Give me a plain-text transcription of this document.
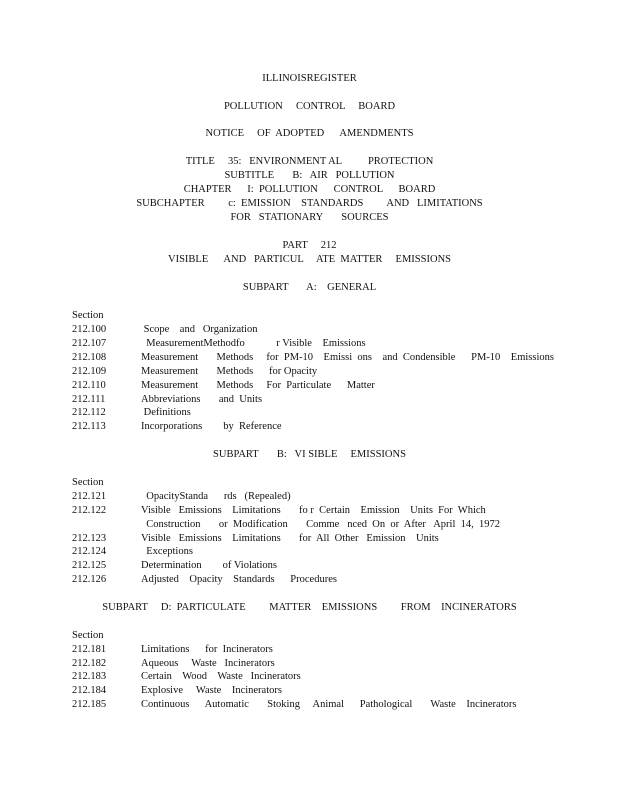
ILLINOISREGISTER
POLLUTION     CONTROL     BOARD
NOTICE     OF  ADOPTED      AMENDMENTS
TITLE     35:   ENVIRONMENT AL          PROTECTION
SUBTITLE       B:   AIR   POLLUTION
CHAPTER      I:  POLLUTION      CONTROL      BOARD
SUBCHAPTER         c:  EMISSION    STANDARDS         AND   LIMITATIONS
FOR   STATIONARY       SOURCES
PART     212
VISIBLE      AND   PARTICUL     ATE  MATTER     EMISSIONS
SUBPART       A:    GENERAL
Section
212.100	Scope    and   Organization
212.107	MeasurementMethodfo            r Visible    Emissions
212.108	Measurement       Methods     for  PM-10    Emissi  ons    and  Condensible      PM-10    Emissions
212.109	Measurement       Methods      for Opacity
212.110	Measurement       Methods     For  Particulate      Matter
212.111	Abbreviations       and  Units
212.112	Definitions
212.113	Incorporations        by  Reference
SUBPART       B:   VI SIBLE     EMISSIONS
Section
212.121	OpacityStanda      rds   (Repealed)
212.122	Visible   Emissions    Limitations       fo r  Certain    Emission    Units  For  Which
Construction       or  Modification       Comme   nced  On  or  After   April  14,  1972
212.123	Visible   Emissions    Limitations       for  All  Other   Emission    Units
212.124	Exceptions
212.125	Determination        of Violations
212.126	Adjusted    Opacity    Standards      Procedures
SUBPART     D:  PARTICULATE         MATTER    EMISSIONS         FROM    INCINERATORS
Section
212.181	Limitations      for  Incinerators
212.182	Aqueous     Waste   Incinerators
212.183	Certain    Wood    Waste   Incinerators
212.184	Explosive     Waste    Incinerators
212.185	Continuous      Automatic       Stoking     Animal      Pathological       Waste    Incinerators
